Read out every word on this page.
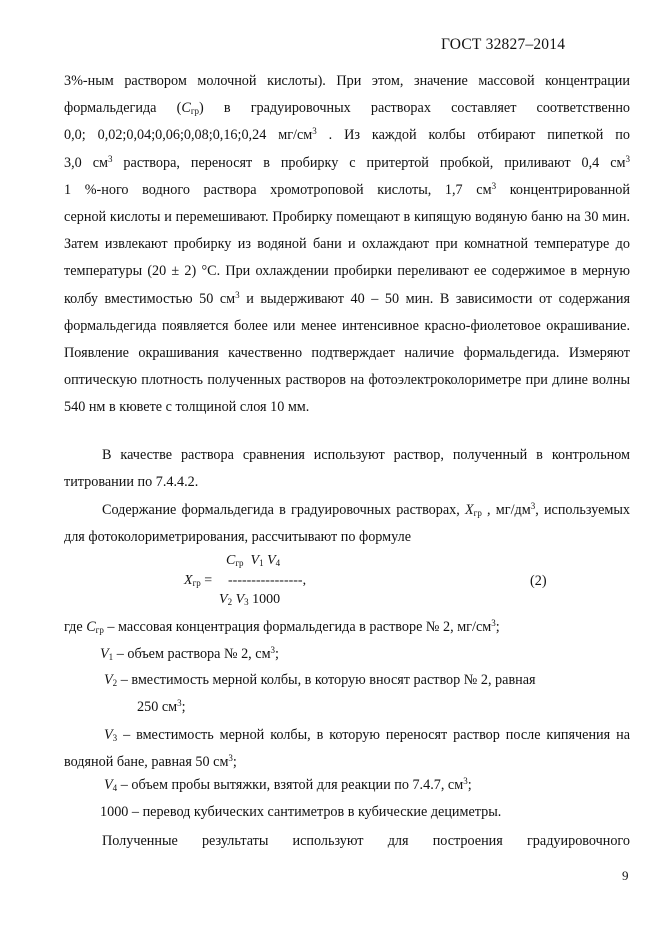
ГОСТ 32827–2014
3%-ным раствором молочной кислоты). При этом, значение массовой концентрации
формальдегида $(C_{гр})$ в градуировочных растворах составляет соответственно
0,0; 0,02;0,04;0,06;0,08;0,16;0,24 $мг/см^3$ . Из каждой колбы отбирают пипеткой по
3,0 $см^3$ раствора, переносят в пробирку с притертой пробкой, приливают 0,4 $см^3$
1 %-ного водного раствора хромотроповой кислоты, 1,7 $см^3$ концентрированной
серной кислоты и перемешивают. Пробирку помещают в кипящую водяную баню на 30 мин. Затем извлекают пробирку из водяной бани и охлаждают при комнатной температуре до температуры (20 ± 2) °С. При охлаждении пробирки переливают ее содержимое в мерную колбу вместимостью 50 $см^3$ и выдерживают 40 – 50 мин. В зависимости от содержания формальдегида появляется более или менее интенсивное красно-фиолетовое окрашивание. Появление окрашивания качественно подтверждает наличие формальдегида. Измеряют оптическую плотность полученных растворов на фотоэлектроколориметре при длине волны 540 нм в кювете с толщиной слоя 10 мм.
В качестве раствора сравнения используют раствор, полученный в контрольном титровании по 7.4.4.2.
Содержание формальдегида в градуировочных растворах, $X_{гр}$ , $мг/дм^3$, используемых для фотоколориметрирования, рассчитывают по формуле
$C_{гр}$ $V_1$ $V_4$
$X_{гр}$ = ----------------,
$V_2$ $V_3$ 1000
(2)
где $C_{гр}$ – массовая концентрация формальдегида в растворе № 2, $мг/см^3$;
$V_1$ – объем раствора № 2, $см^3$;
$V_2$ – вместимость мерной колбы, в которую вносят раствор № 2, равная
250 $см^3$;
$V_3$ – вместимость мерной колбы, в которую переносят раствор после кипячения на водяной бане, равная 50 $см^3$;
$V_4$ – объем пробы вытяжки, взятой для реакции по 7.4.7, $см^3$;
1000 – перевод кубических сантиметров в кубические дециметры.
Полученные результаты используют для построения градуировочного
9
